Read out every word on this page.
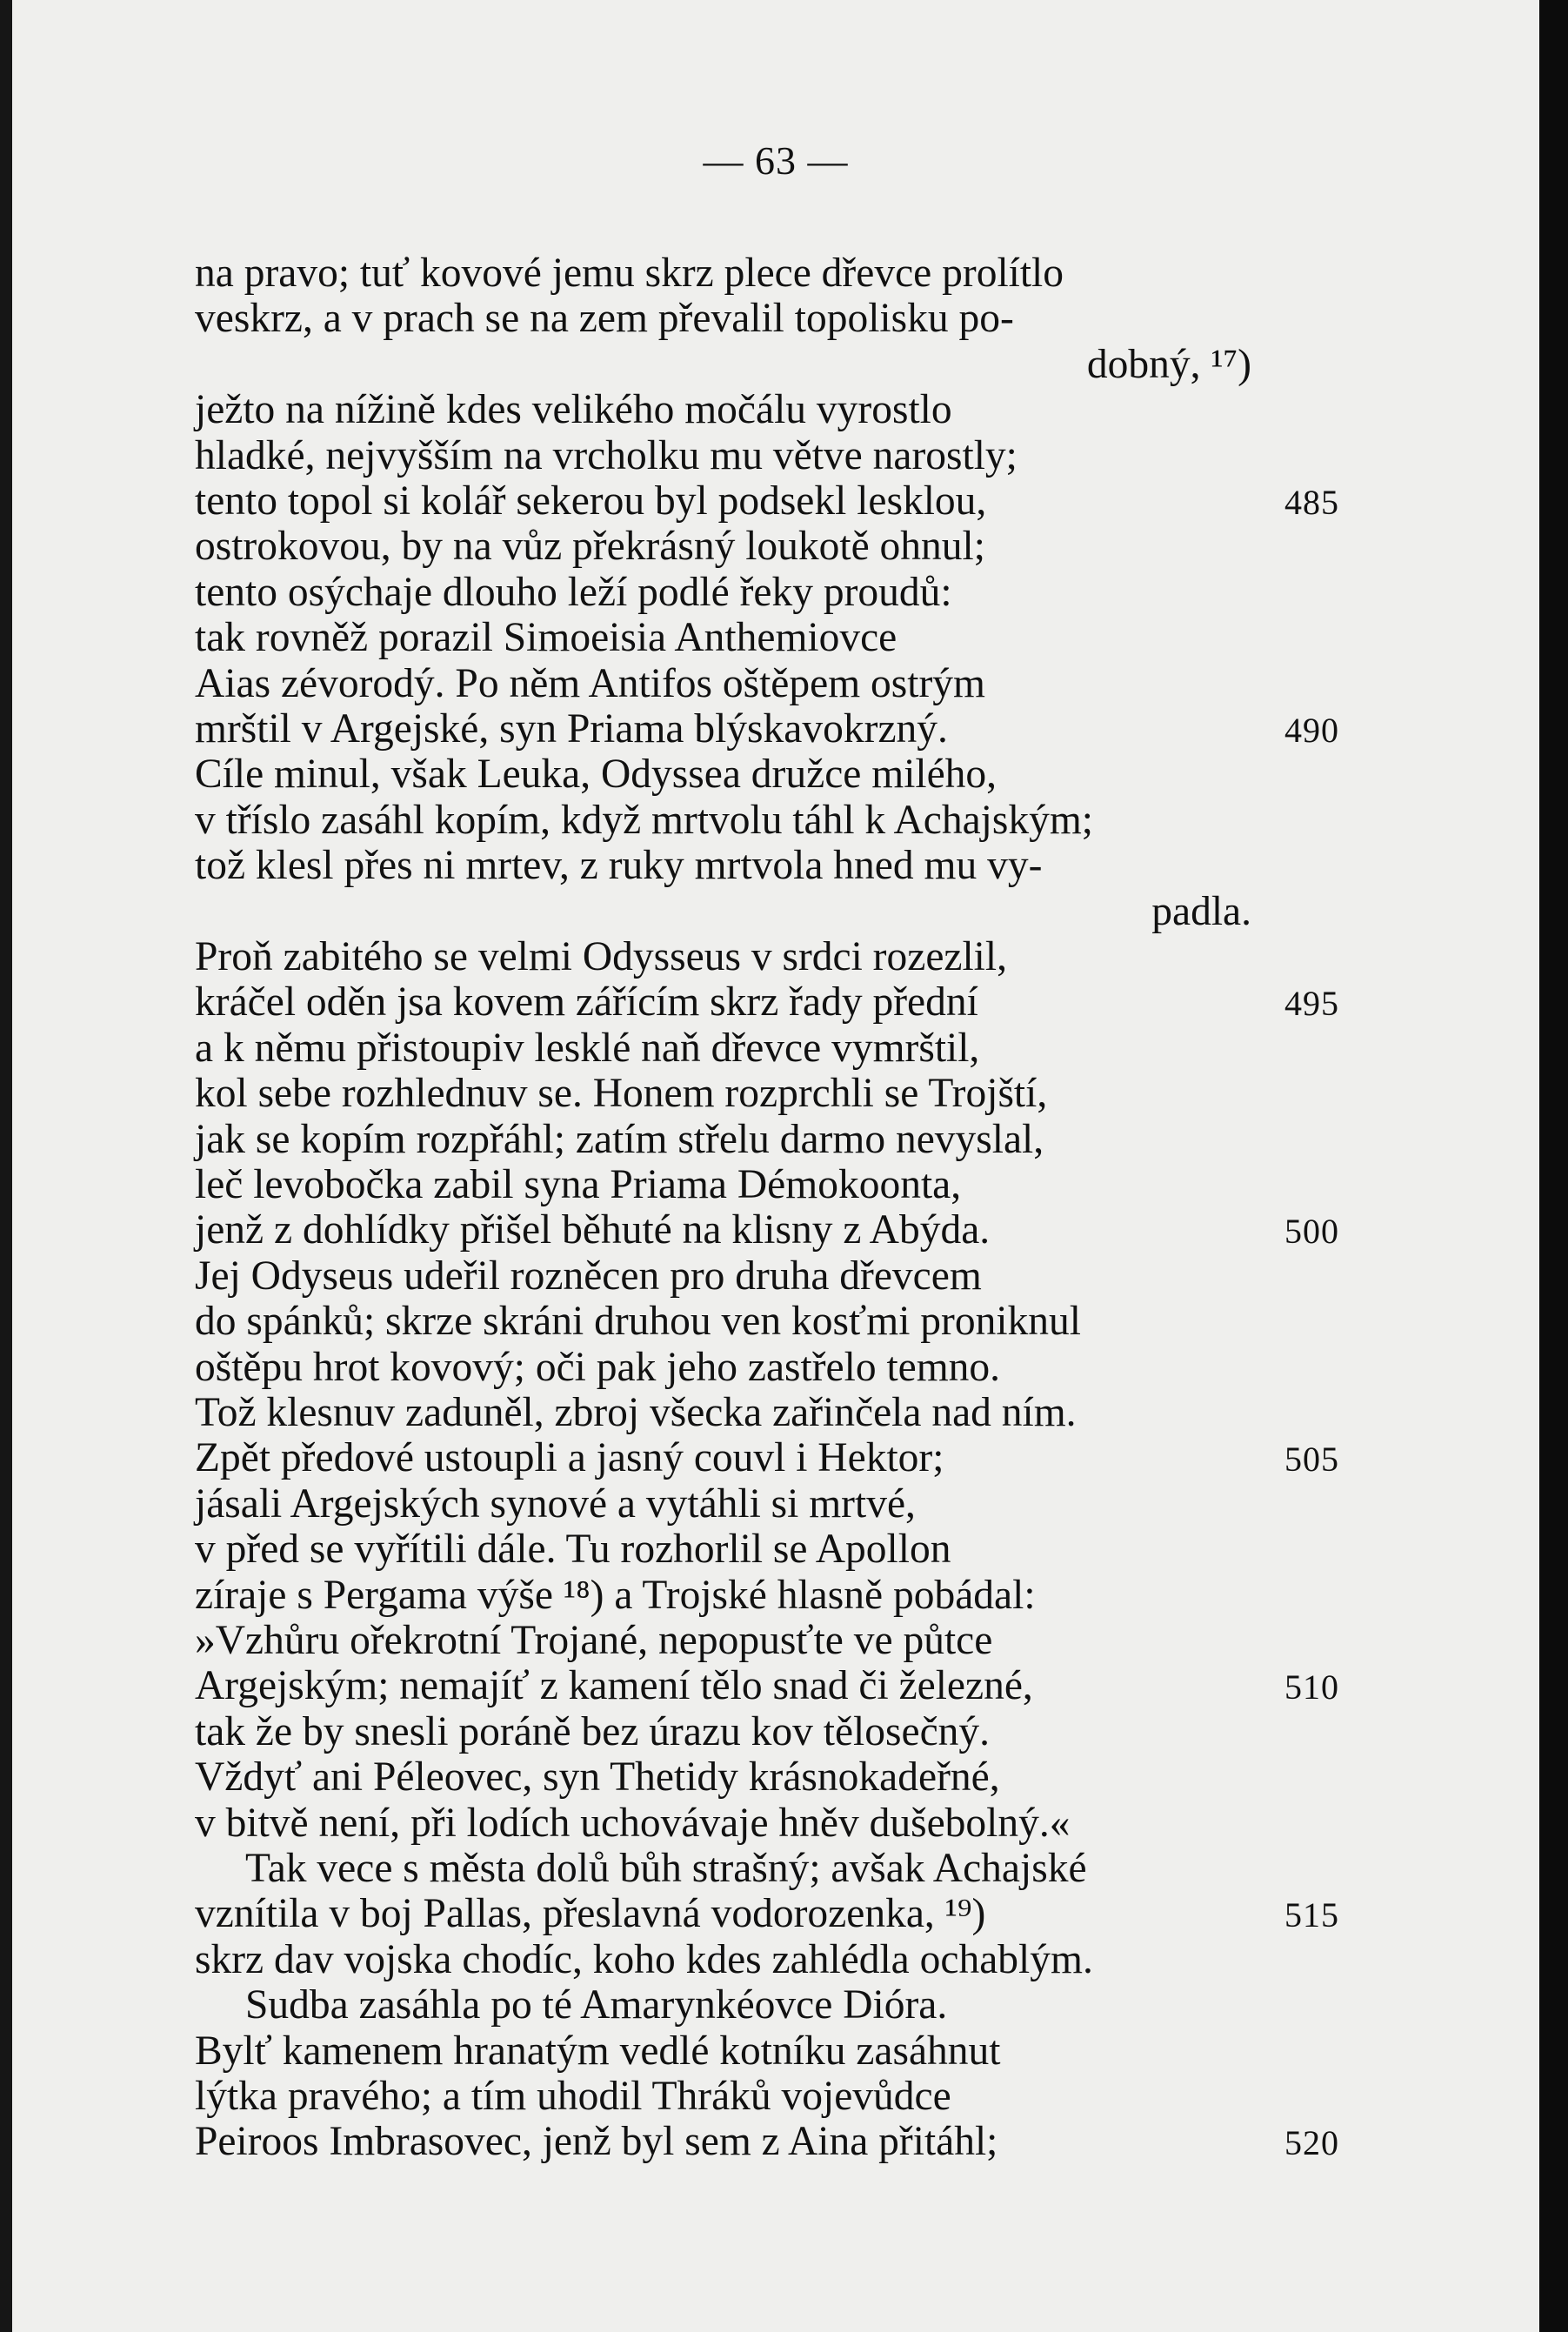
— 63 —
na pravo; tuť kovové jemu skrz plece dřevce prolítlo
veskrz, a v prach se na zem převalil topolisku po-
dobný, ¹⁷)
ježto na nížině kdes velikého močálu vyrostlo
hladké, nejvyšším na vrcholku mu větve narostly;
tento topol si kolář sekerou byl podsekl lesklou,	485
ostrokovou, by na vůz překrásný loukotě ohnul;
tento osýchaje dlouho leží podlé řeky proudů:
tak rovněž porazil Simoeisia Anthemiovce
Aias zévorodý. Po něm Antifos oštěpem ostrým
mrštil v Argejské, syn Priama blýskavokrzný.	490
Cíle minul, však Leuka, Odyssea družce milého,
v tříslo zasáhl kopím, když mrtvolu táhl k Achajským;
tož klesl přes ni mrtev, z ruky mrtvola hned mu vy-
padla.
Proň zabitého se velmi Odysseus v srdci rozezlil,
kráčel oděn jsa kovem zářícím skrz řady přední	495
a k němu přistoupiv lesklé naň dřevce vymrštil,
kol sebe rozhlednuv se. Honem rozprchli se Trojští,
jak se kopím rozpřáhl; zatím střelu darmo nevyslal,
leč levobočka zabil syna Priama Démokoonta,
jenž z dohlídky přišel běhuté na klisny z Abýda.	500
Jej Odyseus udeřil rozněcen pro druha dřevcem
do spánků; skrze skráni druhou ven kosťmi proniknul
oštěpu hrot kovový; oči pak jeho zastřelo temno.
Tož klesnuv zaduněl, zbroj všecka zařinčela nad ním.
Zpět předové ustoupli a jasný couvl i Hektor;	505
jásali Argejských synové a vytáhli si mrtvé,
v před se vyřítili dále. Tu rozhorlil se Apollon
zíraje s Pergama výše ¹⁸) a Trojské hlasně pobádal:
»Vzhůru ořekrotní Trojané, nepopusťte ve půtce
Argejským; nemajíť z kamení tělo snad či železné,	510
tak že by snesli poráně bez úrazu kov tělosečný.
Vždyť ani Péleovec, syn Thetidy krásnokadeřné,
v bitvě není, při lodích uchovávaje hněv dušebolný.«
Tak vece s města dolů bůh strašný; avšak Achajské
vznítila v boj Pallas, přeslavná vodorozenka, ¹⁹)	515
skrz dav vojska chodíc, koho kdes zahlédla ochablým.
Sudba zasáhla po té Amarynkéovce Dióra.
Bylť kamenem hranatým vedlé kotníku zasáhnut
lýtka pravého; a tím uhodil Thráků vojevůdce
Peiroos Imbrasovec, jenž byl sem z Aina přitáhl;	520
